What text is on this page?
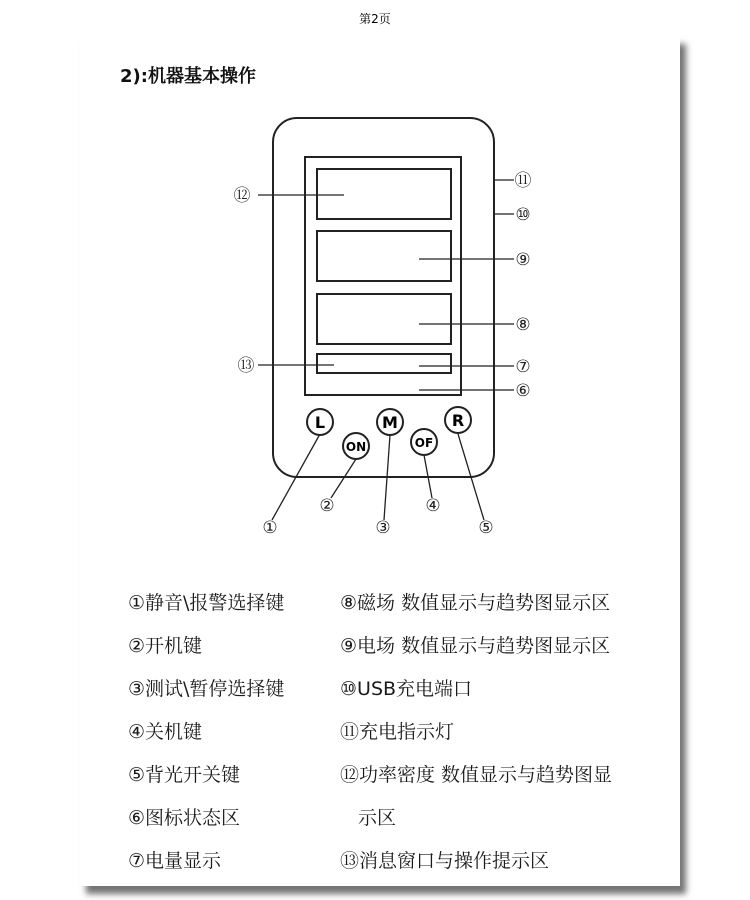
第2页
2):机器基本操作
L
ON
M
OF
R
⑫
⑬
⑪
⑩
⑨
⑧
⑦
⑥
①
②
③
④
⑤
①静音\报警选择键
②开机键
③测试\暂停选择键
④关机键
⑤背光开关键
⑥图标状态区
⑦电量显示
⑧磁场 数值显示与趋势图显示区
⑨电场 数值显示与趋势图显示区
⑩USB充电端口
⑪充电指示灯
⑫功率密度 数值显示与趋势图显
示区
⑬消息窗口与操作提示区
